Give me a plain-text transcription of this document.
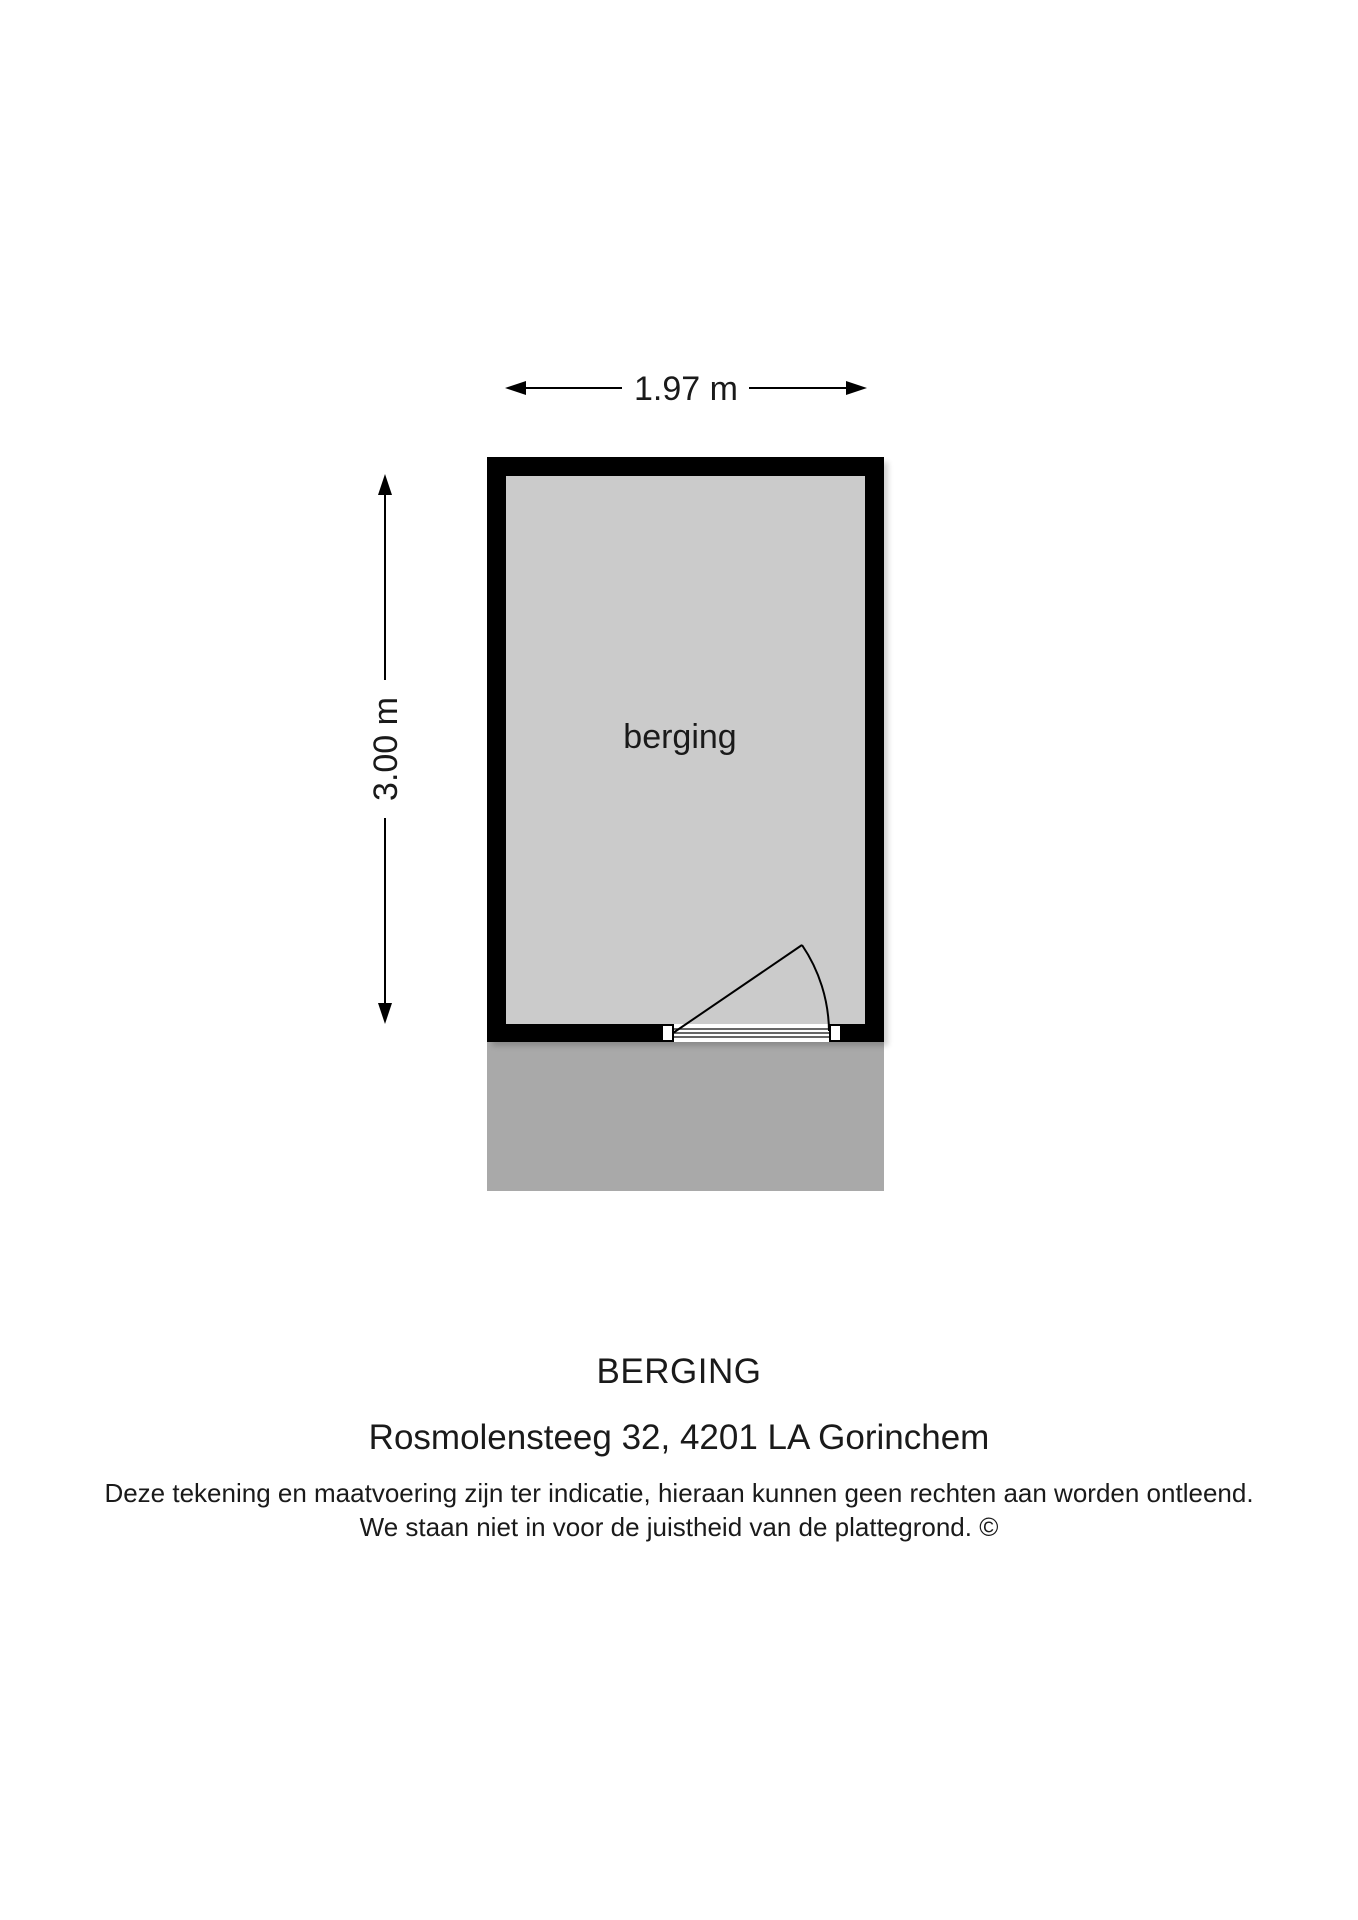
berging
1.97 m
3.00 m
BERGING
Rosmolensteeg 32, 4201 LA Gorinchem
Deze tekening en maatvoering zijn ter indicatie, hieraan kunnen geen rechten aan worden ontleend.
We staan niet in voor de juistheid van de plattegrond. ©
